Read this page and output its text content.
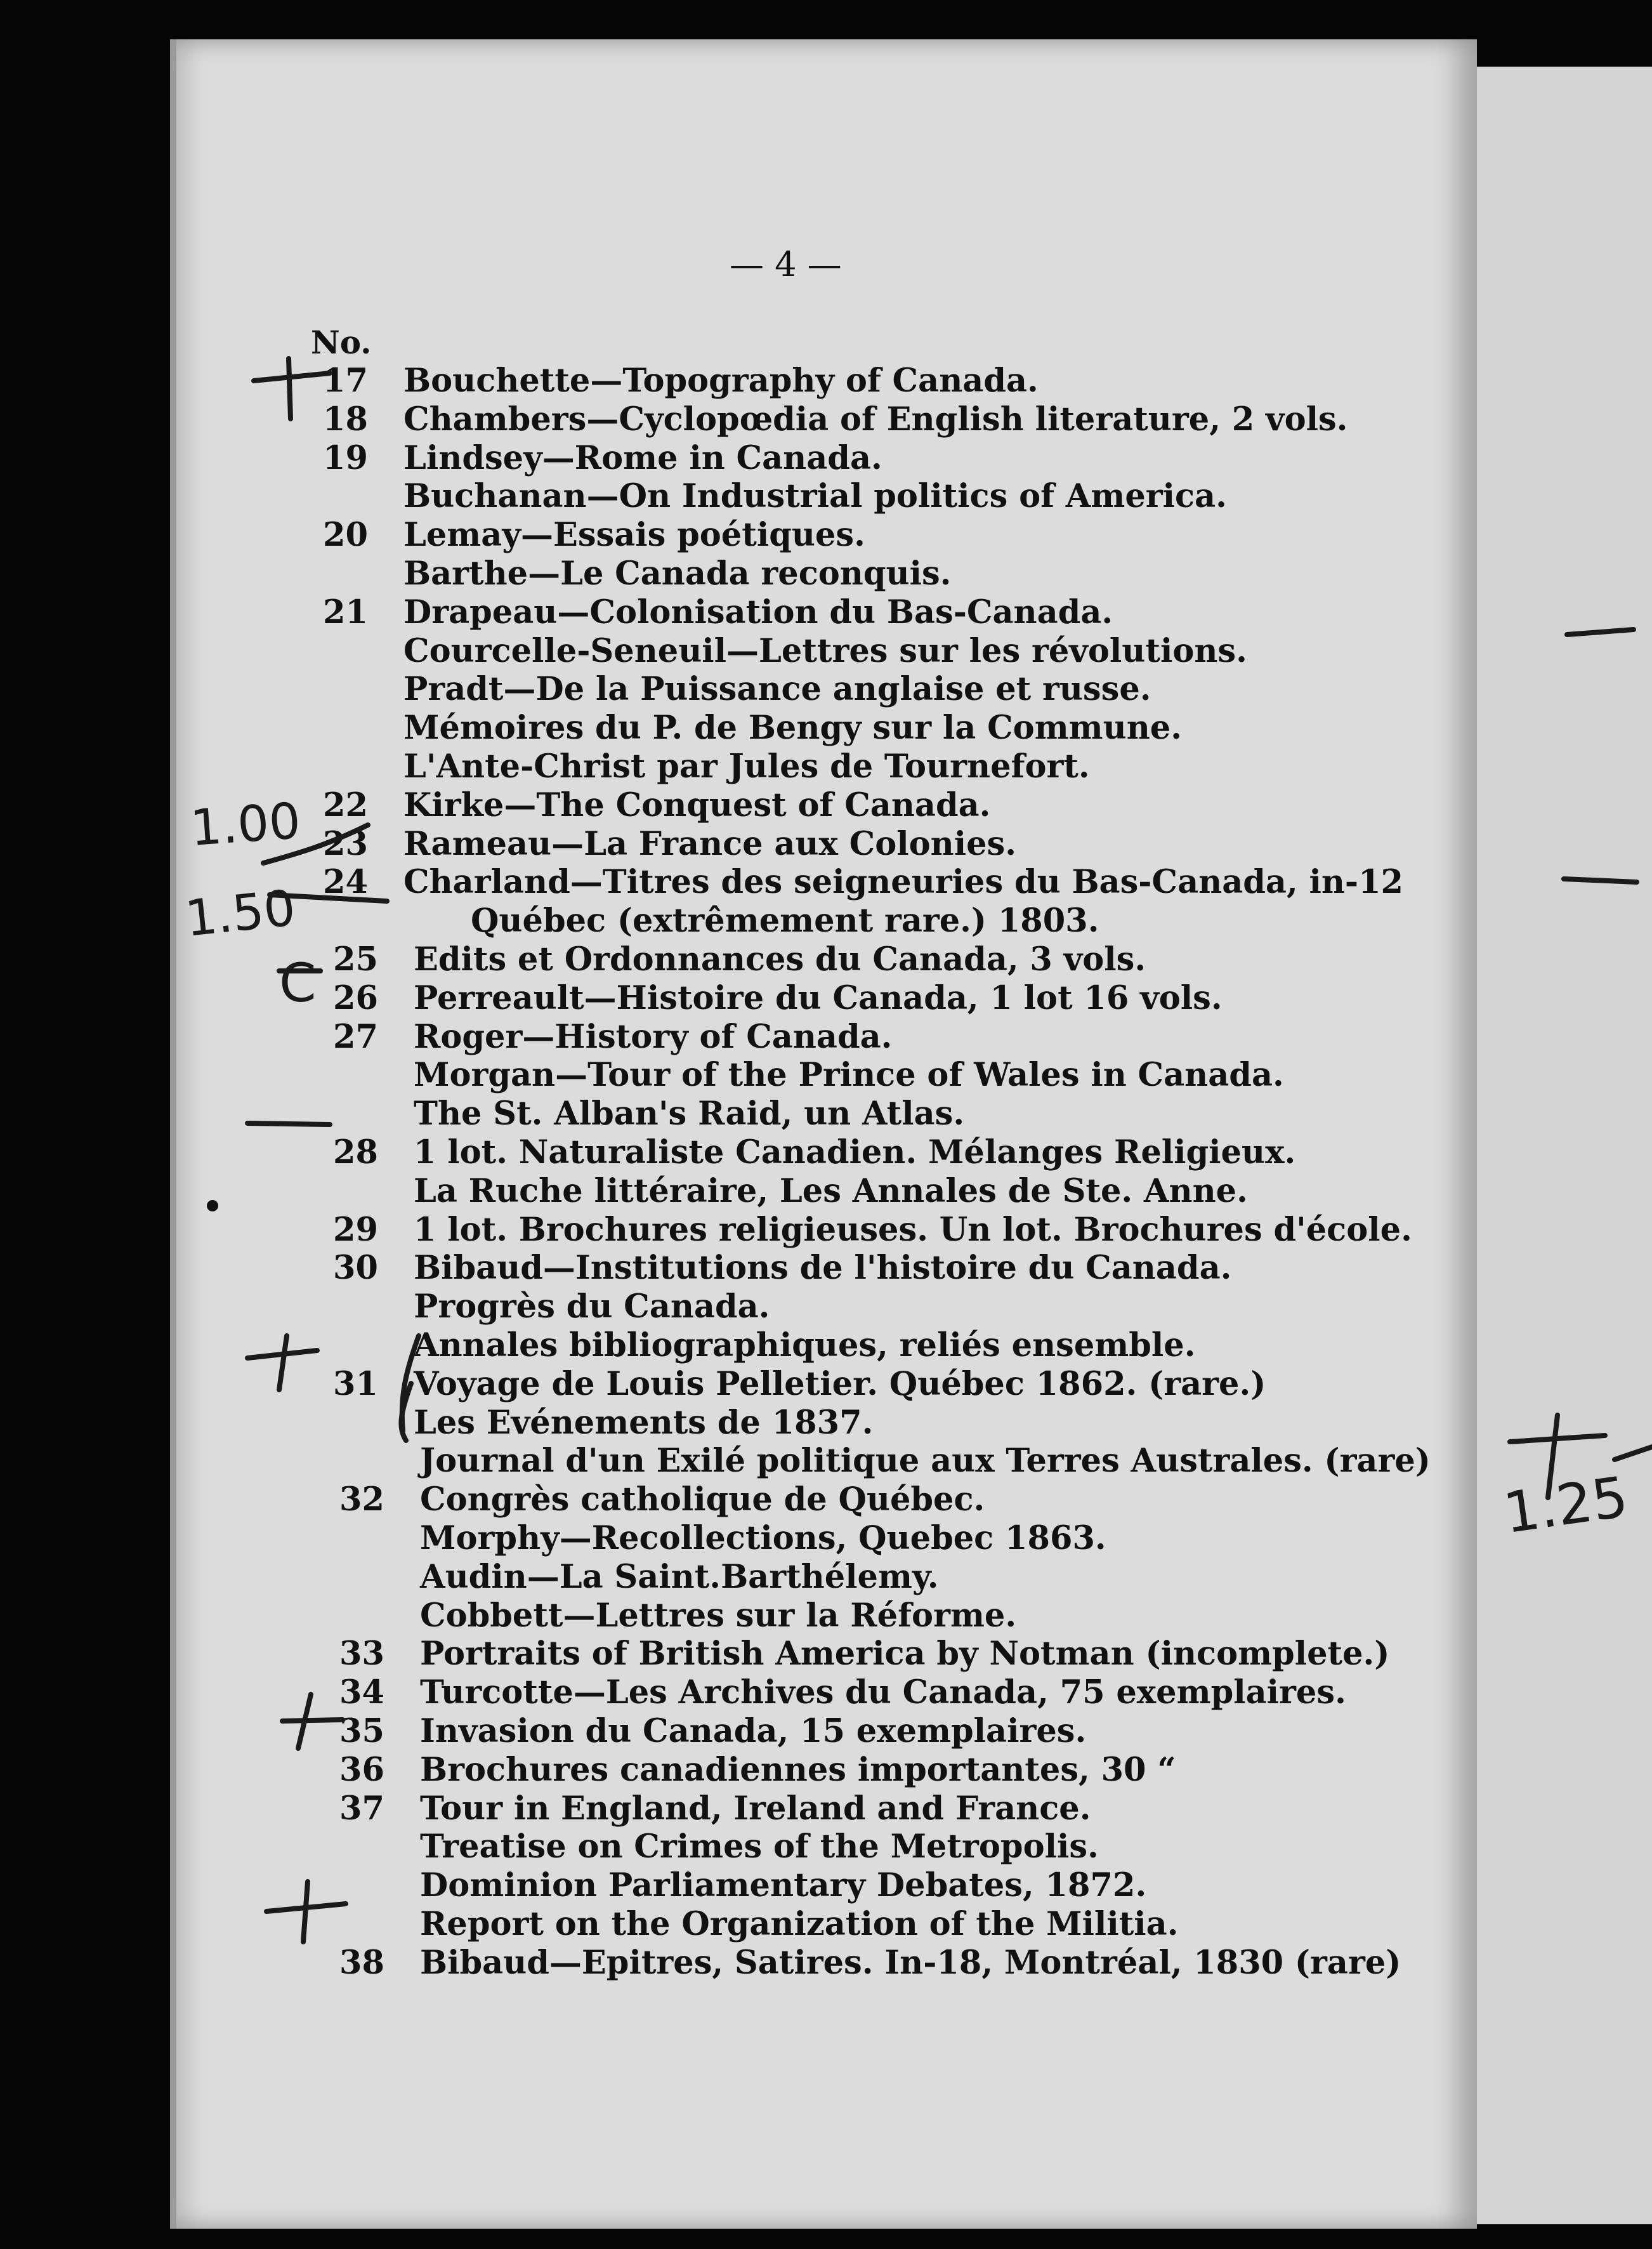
— 4 —
No.
17 Bouchette—Topography of Canada.
18 Chambers—Cyclopœdia of English literature, 2 vols.
19 Lindsey—Rome in Canada.
Buchanan—On Industrial politics of America.
20 Lemay—Essais poétiques.
Barthe—Le Canada reconquis.
21 Drapeau—Colonisation du Bas-Canada.
Courcelle-Seneuil—Lettres sur les révolutions.
Pradt—De la Puissance anglaise et russe.
Mémoires du P. de Bengy sur la Commune.
L'Ante-Christ par Jules de Tournefort.
22 Kirke—The Conquest of Canada.
23 Rameau—La France aux Colonies.
24 Charland—Titres des seigneuries du Bas-Canada, in-12
Québec (extrêmement rare.) 1803.
25 Edits et Ordonnances du Canada, 3 vols.
26 Perreault—Histoire du Canada, 1 lot 16 vols.
27 Roger—History of Canada.
Morgan—Tour of the Prince of Wales in Canada.
The St. Alban's Raid, un Atlas.
28 1 lot. Naturaliste Canadien. Mélanges Religieux.
La Ruche littéraire, Les Annales de Ste. Anne.
29 1 lot. Brochures religieuses. Un lot. Brochures d'école.
30 Bibaud—Institutions de l'histoire du Canada.
Progrès du Canada.
Annales bibliographiques, reliés ensemble.
31 Voyage de Louis Pelletier. Québec 1862. (rare.)
Les Evénements de 1837.
Journal d'un Exilé politique aux Terres Australes. (rare)
32 Congrès catholique de Québec.
Morphy—Recollections, Quebec 1863.
Audin—La Saint.Barthélemy.
Cobbett—Lettres sur la Réforme.
33 Portraits of British America by Notman (incomplete.)
34 Turcotte—Les Archives du Canada, 75 exemplaires.
35 Invasion du Canada, 15 exemplaires.
36 Brochures canadiennes importantes, 30 “
37 Tour in England, Ireland and France.
Treatise on Crimes of the Metropolis.
Dominion Parliamentary Debates, 1872.
Report on the Organization of the Militia.
38 Bibaud—Epitres, Satires. In-18, Montréal, 1830 (rare)
1.00
1.50
C
1.25
